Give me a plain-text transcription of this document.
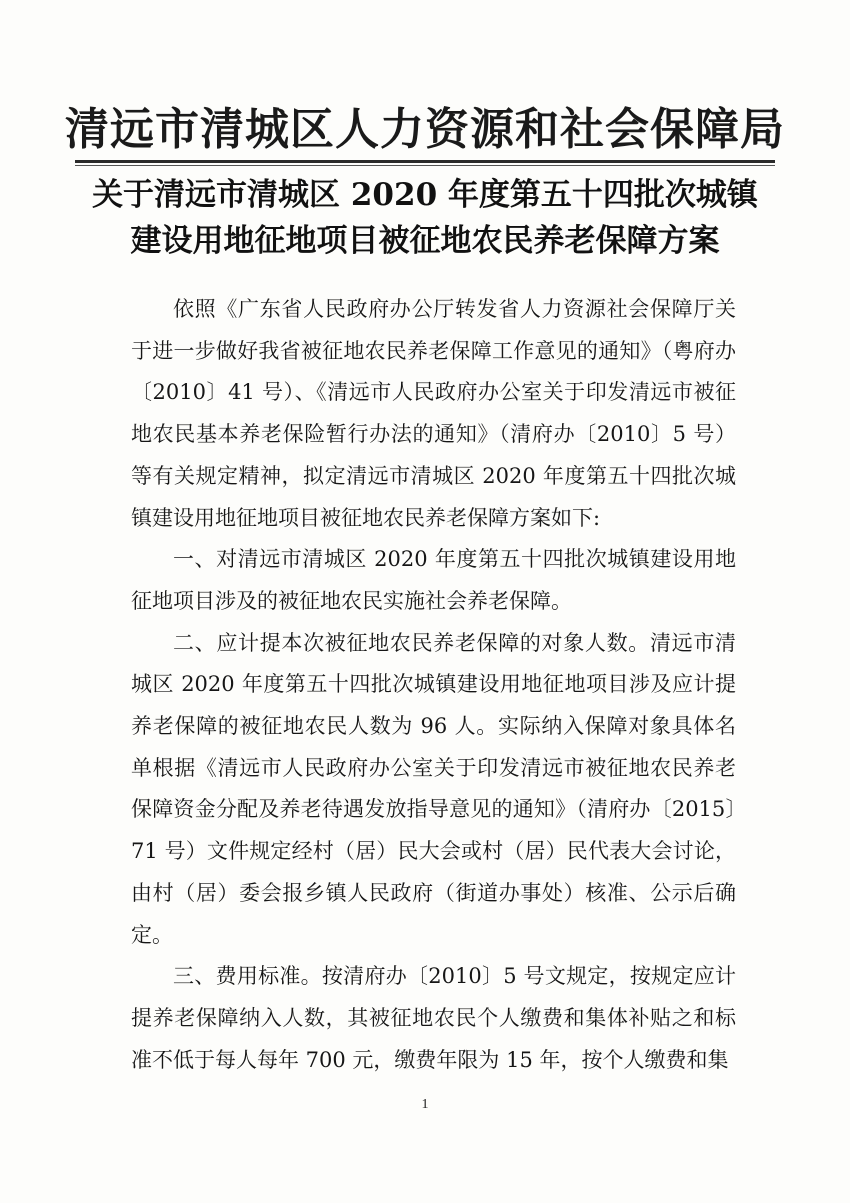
清远市清城区人力资源和社会保障局
关于清远市清城区 2020 年度第五十四批次城镇
建设用地征地项目被征地农民养老保障方案

依照《广东省人民政府办公厅转发省人力资源社会保障厅关于进一步做好我省被征地农民养老保障工作意见的通知》（粤府办〔2010〕41 号）、《清远市人民政府办公室关于印发清远市被征地农民基本养老保险暂行办法的通知》（清府办〔2010〕5 号）等有关规定精神，拟定清远市清城区 2020 年度第五十四批次城镇建设用地征地项目被征地农民养老保障方案如下:

一、对清远市清城区 2020 年度第五十四批次城镇建设用地征地项目涉及的被征地农民实施社会养老保障。

二、应计提本次被征地农民养老保障的对象人数。清远市清城区 2020 年度第五十四批次城镇建设用地征地项目涉及应计提养老保障的被征地农民人数为 96 人。实际纳入保障对象具体名单根据《清远市人民政府办公室关于印发清远市被征地农民养老保障资金分配及养老待遇发放指导意见的通知》（清府办〔2015〕71 号）文件规定经村（居）民大会或村（居）民代表大会讨论，由村（居）委会报乡镇人民政府（街道办事处）核准、公示后确定。

三、费用标准。按清府办〔2010〕5 号文规定，按规定应计提养老保障纳入人数，其被征地农民个人缴费和集体补贴之和标准不低于每人每年 700 元，缴费年限为 15 年，按个人缴费和集

1
